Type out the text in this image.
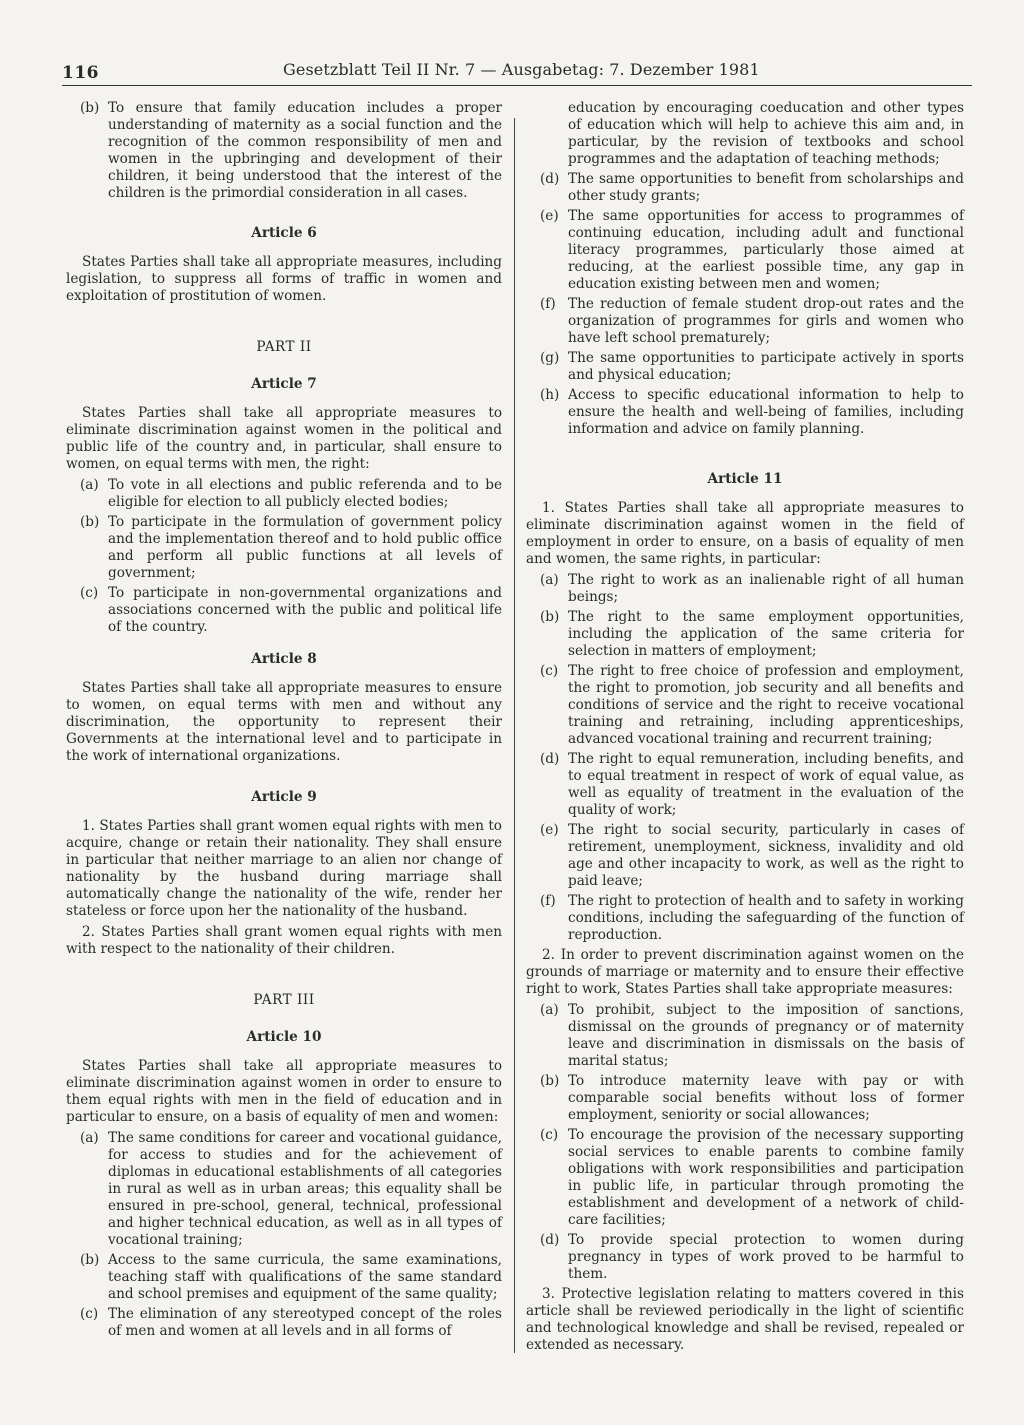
116	Gesetzblatt Teil II Nr. 7 — Ausgabetag: 7. Dezember 1981
(b) To ensure that family education includes a proper understanding of maternity as a social function and the recognition of the common responsibility of men and women in the upbringing and development of their children, it being understood that the interest of the children is the primordial consideration in all cases.
Article 6

States Parties shall take all appropriate measures, including legislation, to suppress all forms of traffic in women and exploitation of prostitution of women.

PART II
Article 7

States Parties shall take all appropriate measures to eliminate discrimination against women in the political and public life of the country and, in particular, shall ensure to women, on equal terms with men, the right:

(a) To vote in all elections and public referenda and to be eligible for election to all publicly elected bodies;
(b) To participate in the formulation of government policy and the implementation thereof and to hold public office and perform all public functions at all levels of government;
(c) To participate in non-governmental organizations and associations concerned with the public and political life of the country.
Article 8

States Parties shall take all appropriate measures to ensure to women, on equal terms with men and without any discrimination, the opportunity to represent their Governments at the international level and to participate in the work of international organizations.

Article 9

1. States Parties shall grant women equal rights with men to acquire, change or retain their nationality. They shall ensure in particular that neither marriage to an alien nor change of nationality by the husband during marriage shall automatically change the nationality of the wife, render her stateless or force upon her the nationality of the husband.

2. States Parties shall grant women equal rights with men with respect to the nationality of their children.

PART III
Article 10

States Parties shall take all appropriate measures to eliminate discrimination against women in order to ensure to them equal rights with men in the field of education and in particular to ensure, on a basis of equality of men and women:

(a) The same conditions for career and vocational guidance, for access to studies and for the achievement of diplomas in educational establishments of all categories in rural as well as in urban areas; this equality shall be ensured in pre-school, general, technical, professional and higher technical education, as well as in all types of vocational training;
(b) Access to the same curricula, the same examinations, teaching staff with qualifications of the same standard and school premises and equipment of the same quality;
(c) The elimination of any stereotyped concept of the roles of men and women at all levels and in all forms of
education by encouraging coeducation and other types of education which will help to achieve this aim and, in particular, by the revision of textbooks and school programmes and the adaptation of teaching methods;
(d) The same opportunities to benefit from scholarships and other study grants;
(e) The same opportunities for access to programmes of continuing education, including adult and functional literacy programmes, particularly those aimed at reducing, at the earliest possible time, any gap in education existing between men and women;
(f) The reduction of female student drop-out rates and the organization of programmes for girls and women who have left school prematurely;
(g) The same opportunities to participate actively in sports and physical education;
(h) Access to specific educational information to help to ensure the health and well-being of families, including information and advice on family planning.
Article 11

1. States Parties shall take all appropriate measures to eliminate discrimination against women in the field of employment in order to ensure, on a basis of equality of men and women, the same rights, in particular:

(a) The right to work as an inalienable right of all human beings;
(b) The right to the same employment opportunities, including the application of the same criteria for selection in matters of employment;
(c) The right to free choice of profession and employment, the right to promotion, job security and all benefits and conditions of service and the right to receive vocational training and retraining, including apprenticeships, advanced vocational training and recurrent training;
(d) The right to equal remuneration, including benefits, and to equal treatment in respect of work of equal value, as well as equality of treatment in the evaluation of the quality of work;
(e) The right to social security, particularly in cases of retirement, unemployment, sickness, invalidity and old age and other incapacity to work, as well as the right to paid leave;
(f) The right to protection of health and to safety in working conditions, including the safeguarding of the function of reproduction.

2. In order to prevent discrimination against women on the grounds of marriage or maternity and to ensure their effective right to work, States Parties shall take appropriate measures:

(a) To prohibit, subject to the imposition of sanctions, dismissal on the grounds of pregnancy or of maternity leave and discrimination in dismissals on the basis of marital status;
(b) To introduce maternity leave with pay or with comparable social benefits without loss of former employment, seniority or social allowances;
(c) To encourage the provision of the necessary supporting social services to enable parents to combine family obligations with work responsibilities and participation in public life, in particular through promoting the establishment and development of a network of child-care facilities;
(d) To provide special protection to women during pregnancy in types of work proved to be harmful to them.

3. Protective legislation relating to matters covered in this article shall be reviewed periodically in the light of scientific and technological knowledge and shall be revised, repealed or extended as necessary.
